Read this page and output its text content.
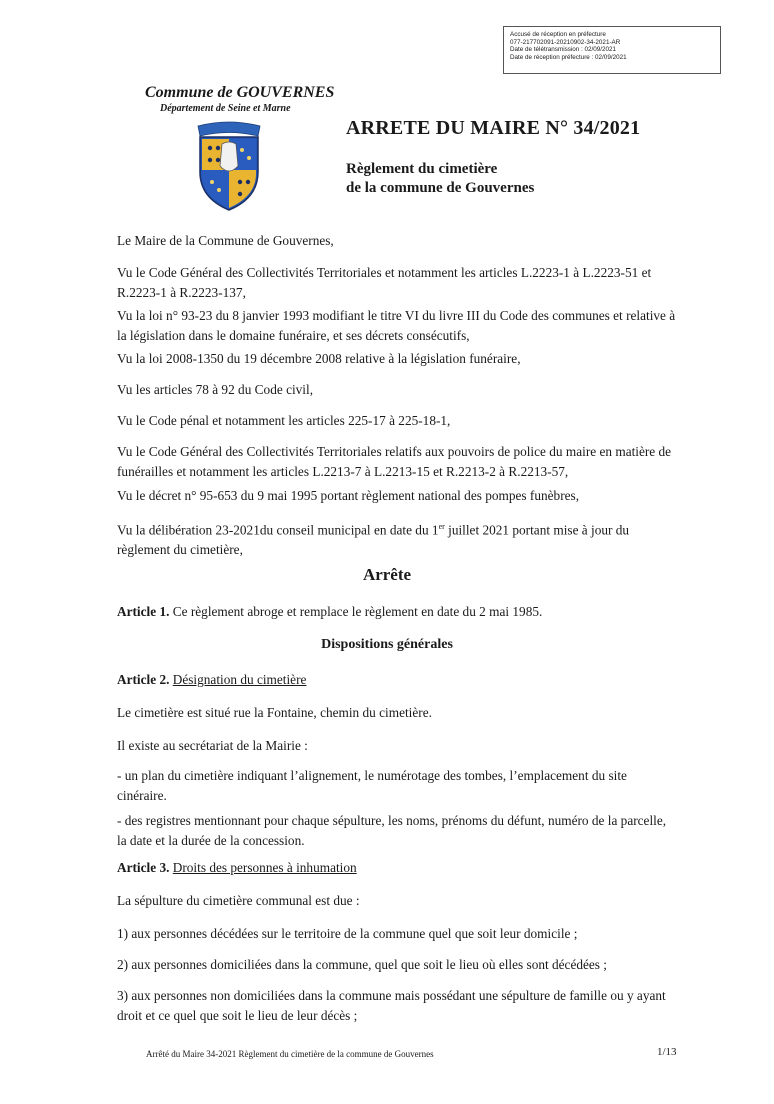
Accusé de réception en préfecture
077-217702091-20210902-34-2021-AR
Date de télétransmission : 02/09/2021
Date de réception préfecture : 02/09/2021
Commune de GOUVERNES
Département de Seine et Marne
ARRETE DU MAIRE N° 34/2021
Règlement du cimetière
de la commune de Gouvernes
Le Maire de la Commune de Gouvernes,
Vu le Code Général des Collectivités Territoriales et notamment les articles L.2223-1 à L.2223-51 et R.2223-1 à R.2223-137,
Vu la loi n° 93-23 du 8 janvier 1993 modifiant le titre VI du livre III du Code des communes et relative à la législation dans le domaine funéraire, et ses décrets consécutifs,
Vu la loi 2008-1350 du 19 décembre 2008 relative à la législation funéraire,
Vu les articles 78 à 92 du Code civil,
Vu le Code pénal et notamment les articles 225-17 à 225-18-1,
Vu le Code Général des Collectivités Territoriales relatifs aux pouvoirs de police du maire en matière de funérailles et notamment les articles L.2213-7 à L.2213-15 et R.2213-2 à R.2213-57,
Vu le décret n° 95-653 du 9 mai 1995 portant règlement national des pompes funèbres,
Vu la délibération 23-2021du conseil municipal en date du 1er juillet 2021 portant mise à jour du règlement du cimetière,
Arrête
Article 1. Ce règlement abroge et remplace le règlement en date du 2 mai 1985.
Dispositions générales
Article 2. Désignation du cimetière
Le cimetière est situé rue la Fontaine, chemin du cimetière.
Il existe au secrétariat de la Mairie :
- un plan du cimetière indiquant l’alignement, le numérotage des tombes, l’emplacement du site cinéraire.
- des registres mentionnant pour chaque sépulture, les noms, prénoms du défunt, numéro de la parcelle, la date et la durée de la concession.
Article 3. Droits des personnes à inhumation
La sépulture du cimetière communal est due :
1) aux personnes décédées sur le territoire de la commune quel que soit leur domicile ;
2) aux personnes domiciliées dans la commune, quel que soit le lieu où elles sont décédées ;
3) aux personnes non domiciliées dans la commune mais possédant une sépulture de famille ou y ayant droit et ce quel que soit le lieu de leur décès ;
Arrêté du Maire 34-2021 Règlement du cimetière de la commune de Gouvernes	1/13
